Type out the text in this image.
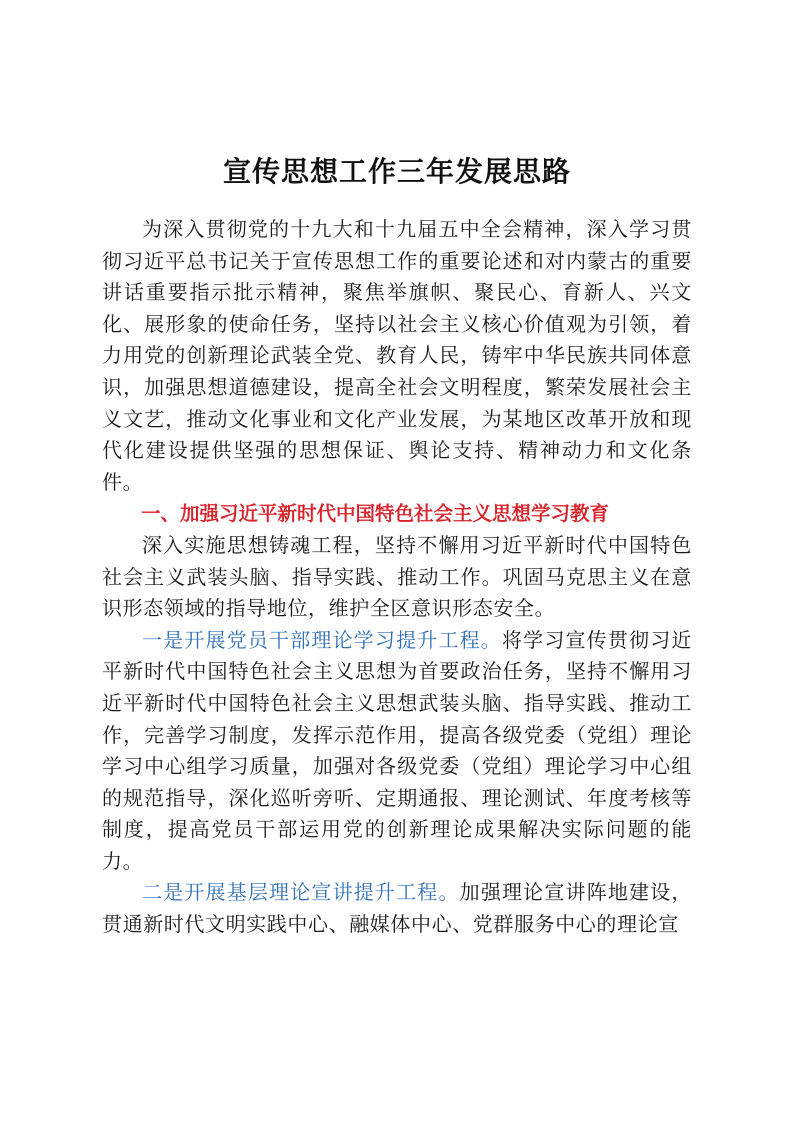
宣传思想工作三年发展思路

为深入贯彻党的十九大和十九届五中全会精神，深入学习贯彻习近平总书记关于宣传思想工作的重要论述和对内蒙古的重要讲话重要指示批示精神，聚焦举旗帜、聚民心、育新人、兴文化、展形象的使命任务，坚持以社会主义核心价值观为引领，着力用党的创新理论武装全党、教育人民，铸牢中华民族共同体意识，加强思想道德建设，提高全社会文明程度，繁荣发展社会主义文艺，推动文化事业和文化产业发展，为某地区改革开放和现代化建设提供坚强的思想保证、舆论支持、精神动力和文化条件。

一、加强习近平新时代中国特色社会主义思想学习教育

深入实施思想铸魂工程，坚持不懈用习近平新时代中国特色社会主义武装头脑、指导实践、推动工作。巩固马克思主义在意识形态领域的指导地位，维护全区意识形态安全。

一是开展党员干部理论学习提升工程。将学习宣传贯彻习近平新时代中国特色社会主义思想为首要政治任务，坚持不懈用习近平新时代中国特色社会主义思想武装头脑、指导实践、推动工作，完善学习制度，发挥示范作用，提高各级党委（党组）理论学习中心组学习质量，加强对各级党委（党组）理论学习中心组的规范指导，深化巡听旁听、定期通报、理论测试、年度考核等制度，提高党员干部运用党的创新理论成果解决实际问题的能力。

二是开展基层理论宣讲提升工程。加强理论宣讲阵地建设，贯通新时代文明实践中心、融媒体中心、党群服务中心的理论宣
